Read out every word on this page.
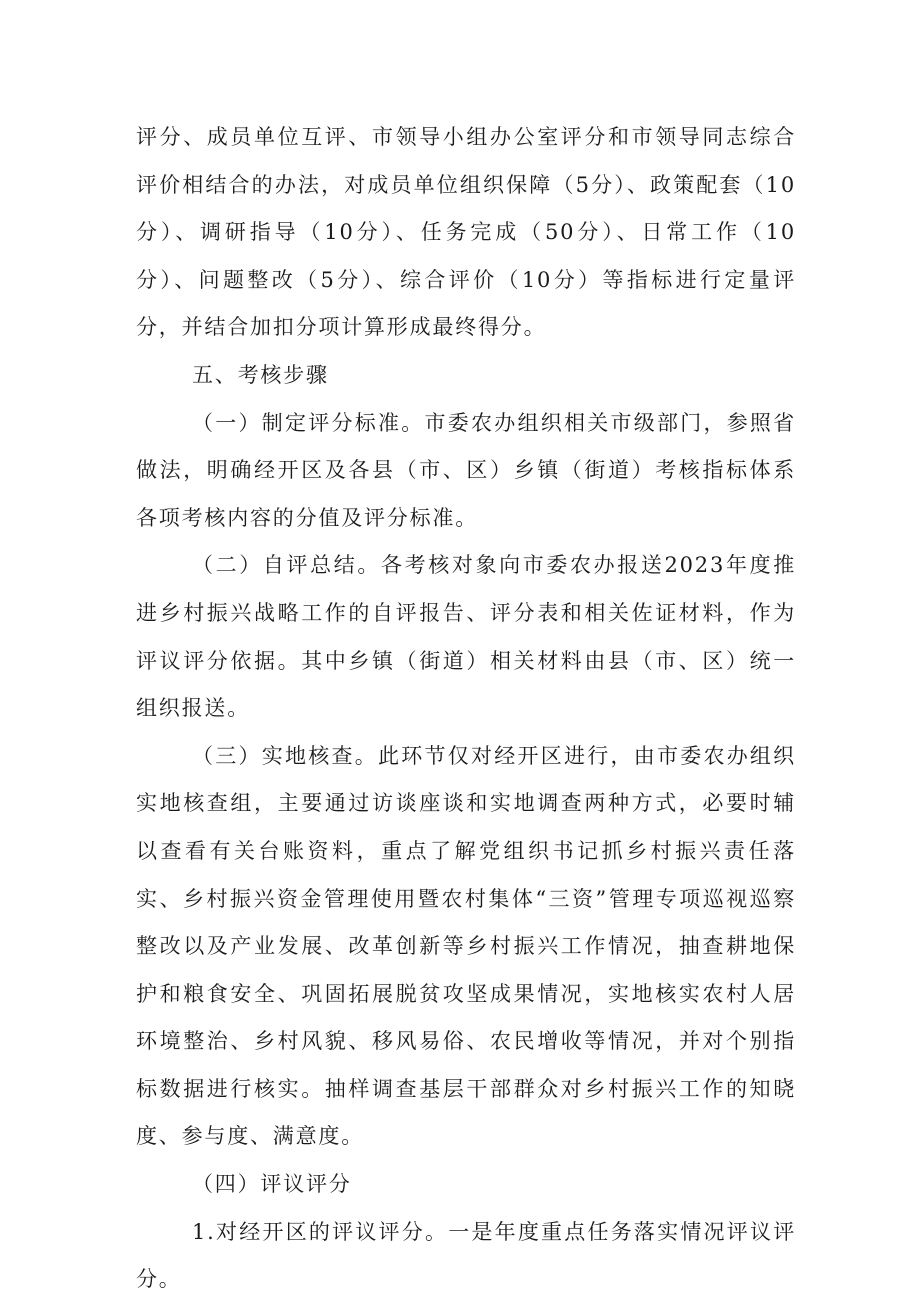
评分、成员单位互评、市领导小组办公室评分和市领导同志综合评价相结合的办法，对成员单位组织保障（5分）、政策配套（10分）、调研指导（10分）、任务完成（50分）、日常工作（10分）、问题整改（5分）、综合评价（10分）等指标进行定量评分，并结合加扣分项计算形成最终得分。

五、考核步骤

（一）制定评分标准。市委农办组织相关市级部门，参照省做法，明确经开区及各县（市、区）乡镇（街道）考核指标体系各项考核内容的分值及评分标准。

（二）自评总结。各考核对象向市委农办报送2023年度推进乡村振兴战略工作的自评报告、评分表和相关佐证材料，作为评议评分依据。其中乡镇（街道）相关材料由县（市、区）统一组织报送。

（三）实地核查。此环节仅对经开区进行，由市委农办组织实地核查组，主要通过访谈座谈和实地调查两种方式，必要时辅以查看有关台账资料，重点了解党组织书记抓乡村振兴责任落实、乡村振兴资金管理使用暨农村集体“三资”管理专项巡视巡察整改以及产业发展、改革创新等乡村振兴工作情况，抽查耕地保护和粮食安全、巩固拓展脱贫攻坚成果情况，实地核实农村人居环境整治、乡村风貌、移风易俗、农民增收等情况，并对个别指标数据进行核实。抽样调查基层干部群众对乡村振兴工作的知晓度、参与度、满意度。

（四）评议评分

1.对经开区的评议评分。一是年度重点任务落实情况评议评分。
